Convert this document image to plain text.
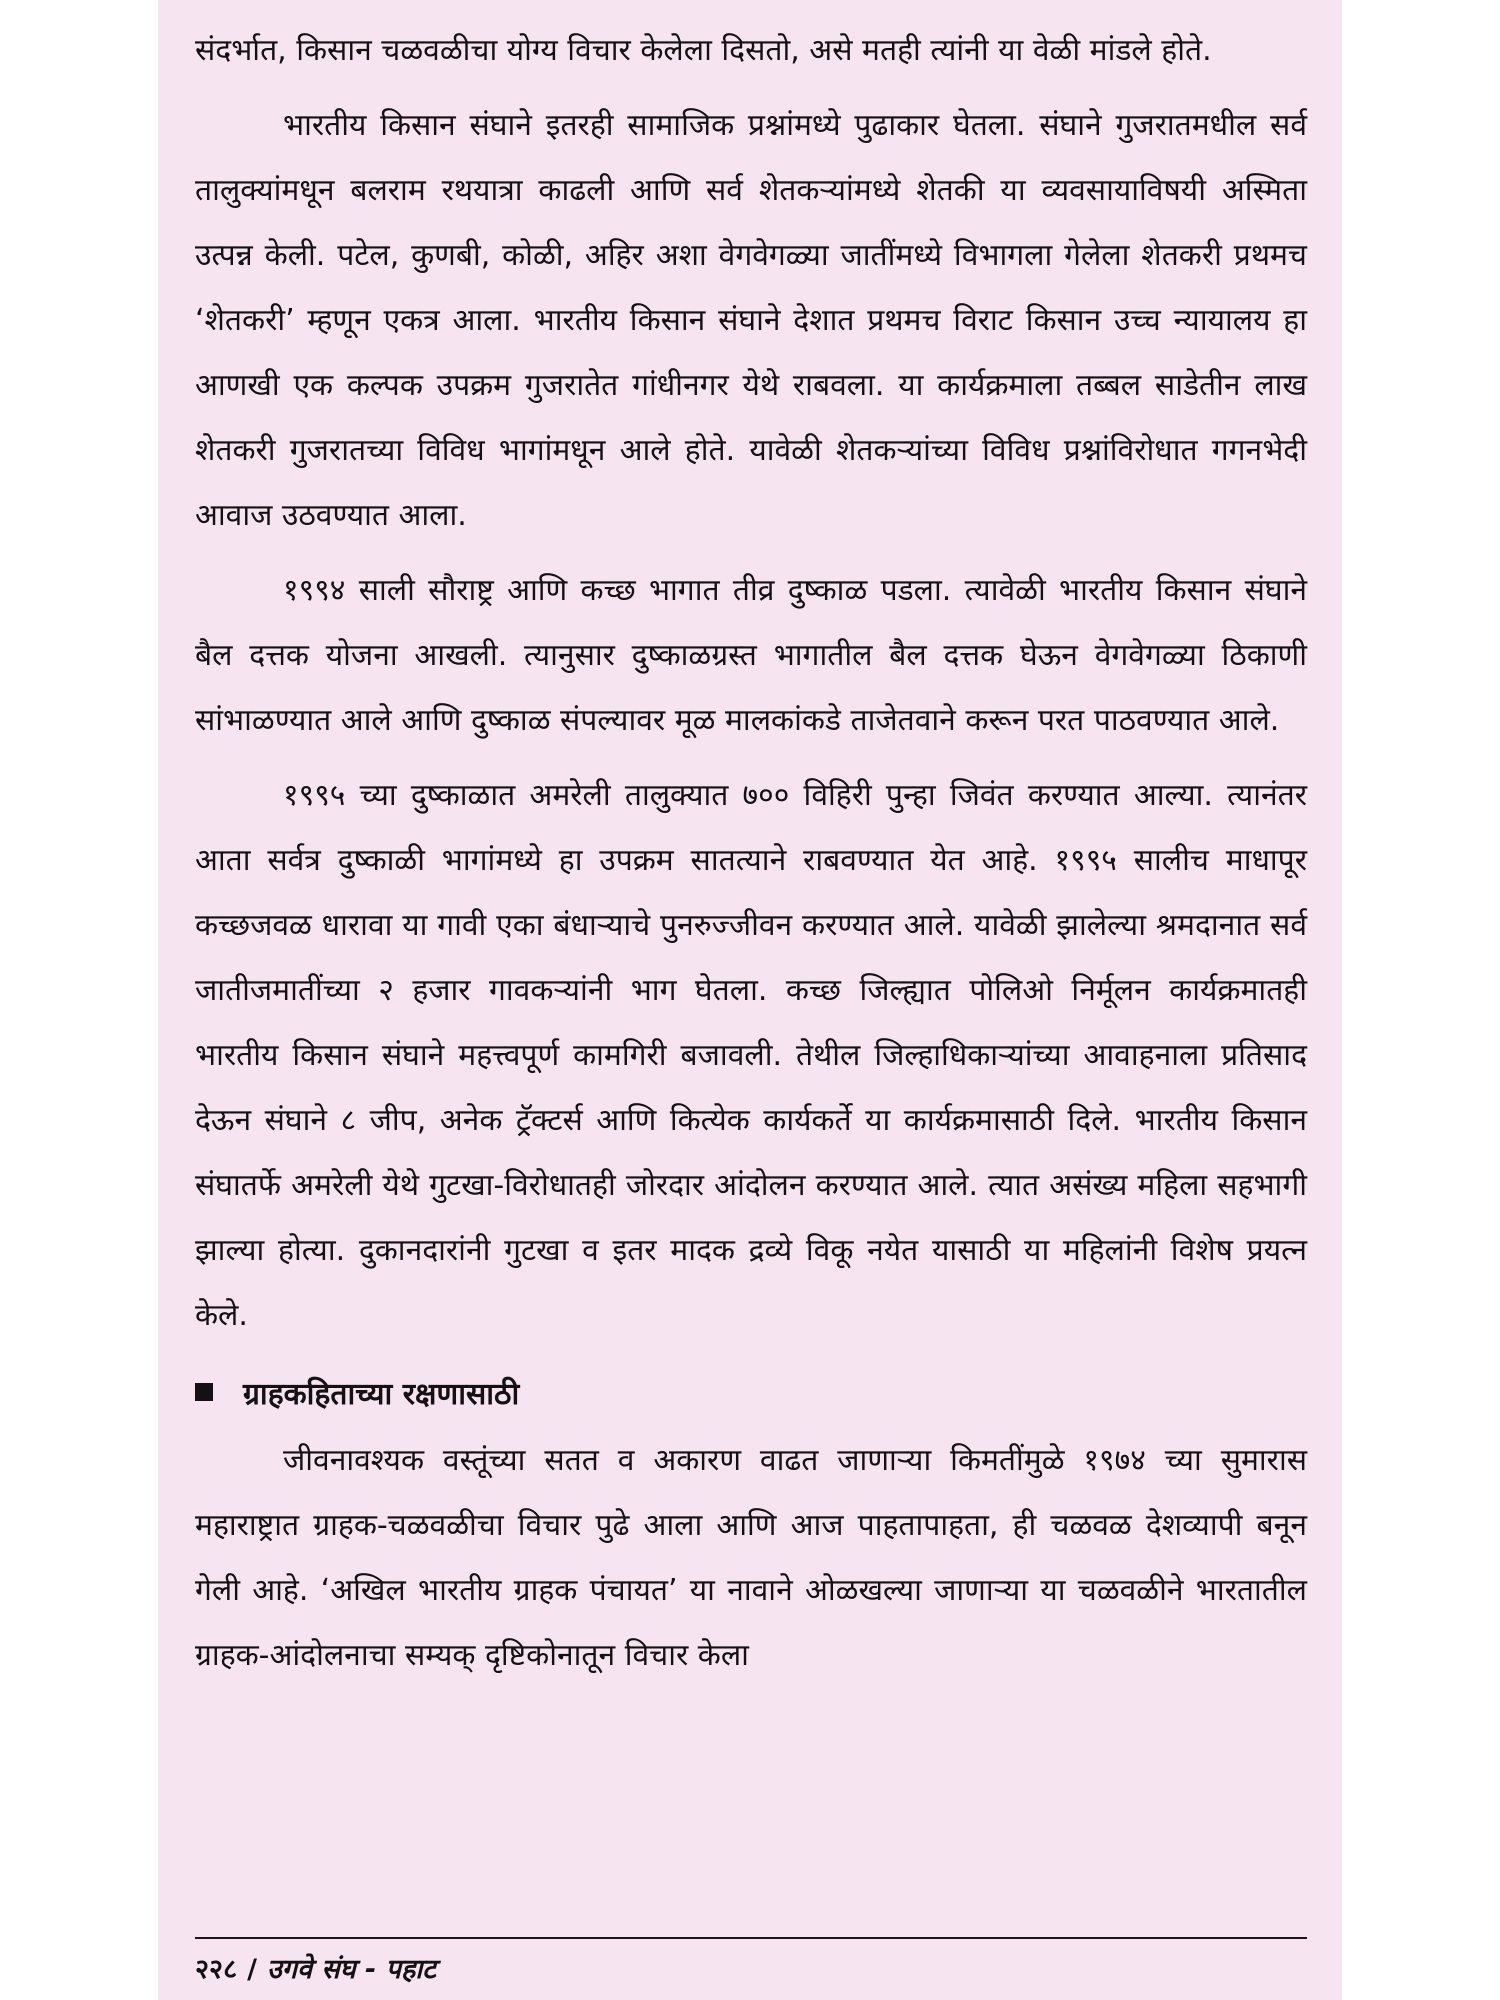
संदर्भात, किसान चळवळीचा योग्य विचार केलेला दिसतो, असे मतही त्यांनी या वेळी मांडले होते.

भारतीय किसान संघाने इतरही सामाजिक प्रश्नांमध्ये पुढाकार घेतला. संघाने गुजरातमधील सर्व तालुक्यांमधून बलराम रथयात्रा काढली आणि सर्व शेतकऱ्यांमध्ये शेतकी या व्यवसायाविषयी अस्मिता उत्पन्न केली. पटेल, कुणबी, कोळी, अहिर अशा वेगवेगळ्या जातींमध्ये विभागला गेलेला शेतकरी प्रथमच ‘शेतकरी’ म्हणून एकत्र आला. भारतीय किसान संघाने देशात प्रथमच विराट किसान उच्च न्यायालय हा आणखी एक कल्पक उपक्रम गुजरातेत गांधीनगर येथे राबवला. या कार्यक्रमाला तब्बल साडेतीन लाख शेतकरी गुजरातच्या विविध भागांमधून आले होते. यावेळी शेतकऱ्यांच्या विविध प्रश्नांविरोधात गगनभेदी आवाज उठवण्यात आला.

१९९४ साली सौराष्ट्र आणि कच्छ भागात तीव्र दुष्काळ पडला. त्यावेळी भारतीय किसान संघाने बैल दत्तक योजना आखली. त्यानुसार दुष्काळग्रस्त भागातील बैल दत्तक घेऊन वेगवेगळ्या ठिकाणी सांभाळण्यात आले आणि दुष्काळ संपल्यावर मूळ मालकांकडे ताजेतवाने करून परत पाठवण्यात आले.

१९९५ च्या दुष्काळात अमरेली तालुक्यात ७०० विहिरी पुन्हा जिवंत करण्यात आल्या. त्यानंतर आता सर्वत्र दुष्काळी भागांमध्ये हा उपक्रम सातत्याने राबवण्यात येत आहे. १९९५ सालीच माधापूर कच्छजवळ धारावा या गावी एका बंधाऱ्याचे पुनरुज्जीवन करण्यात आले. यावेळी झालेल्या श्रमदानात सर्व जातीजमातींच्या २ हजार गावकऱ्यांनी भाग घेतला. कच्छ जिल्ह्यात पोलिओ निर्मूलन कार्यक्रमातही भारतीय किसान संघाने महत्त्वपूर्ण कामगिरी बजावली. तेथील जिल्हाधिकाऱ्यांच्या आवाहनाला प्रतिसाद देऊन संघाने ८ जीप, अनेक ट्रॅक्टर्स आणि कित्येक कार्यकर्ते या कार्यक्रमासाठी दिले. भारतीय किसान संघातर्फे अमरेली येथे गुटखा-विरोधातही जोरदार आंदोलन करण्यात आले. त्यात असंख्य महिला सहभागी झाल्या होत्या. दुकानदारांनी गुटखा व इतर मादक द्रव्ये विकू नयेत यासाठी या महिलांनी विशेष प्रयत्न केले.

ग्राहकहिताच्या रक्षणासाठी

जीवनावश्यक वस्तूंच्या सतत व अकारण वाढत जाणाऱ्या किमतींमुळे १९७४ च्या सुमारास महाराष्ट्रात ग्राहक-चळवळीचा विचार पुढे आला आणि आज पाहतापाहता, ही चळवळ देशव्यापी बनून गेली आहे. ‘अखिल भारतीय ग्राहक पंचायत’ या नावाने ओळखल्या जाणाऱ्या या चळवळीने भारतातील ग्राहक-आंदोलनाचा सम्यक् दृष्टिकोनातून विचार केला

२२८ / उगवे संघ - पहाट
